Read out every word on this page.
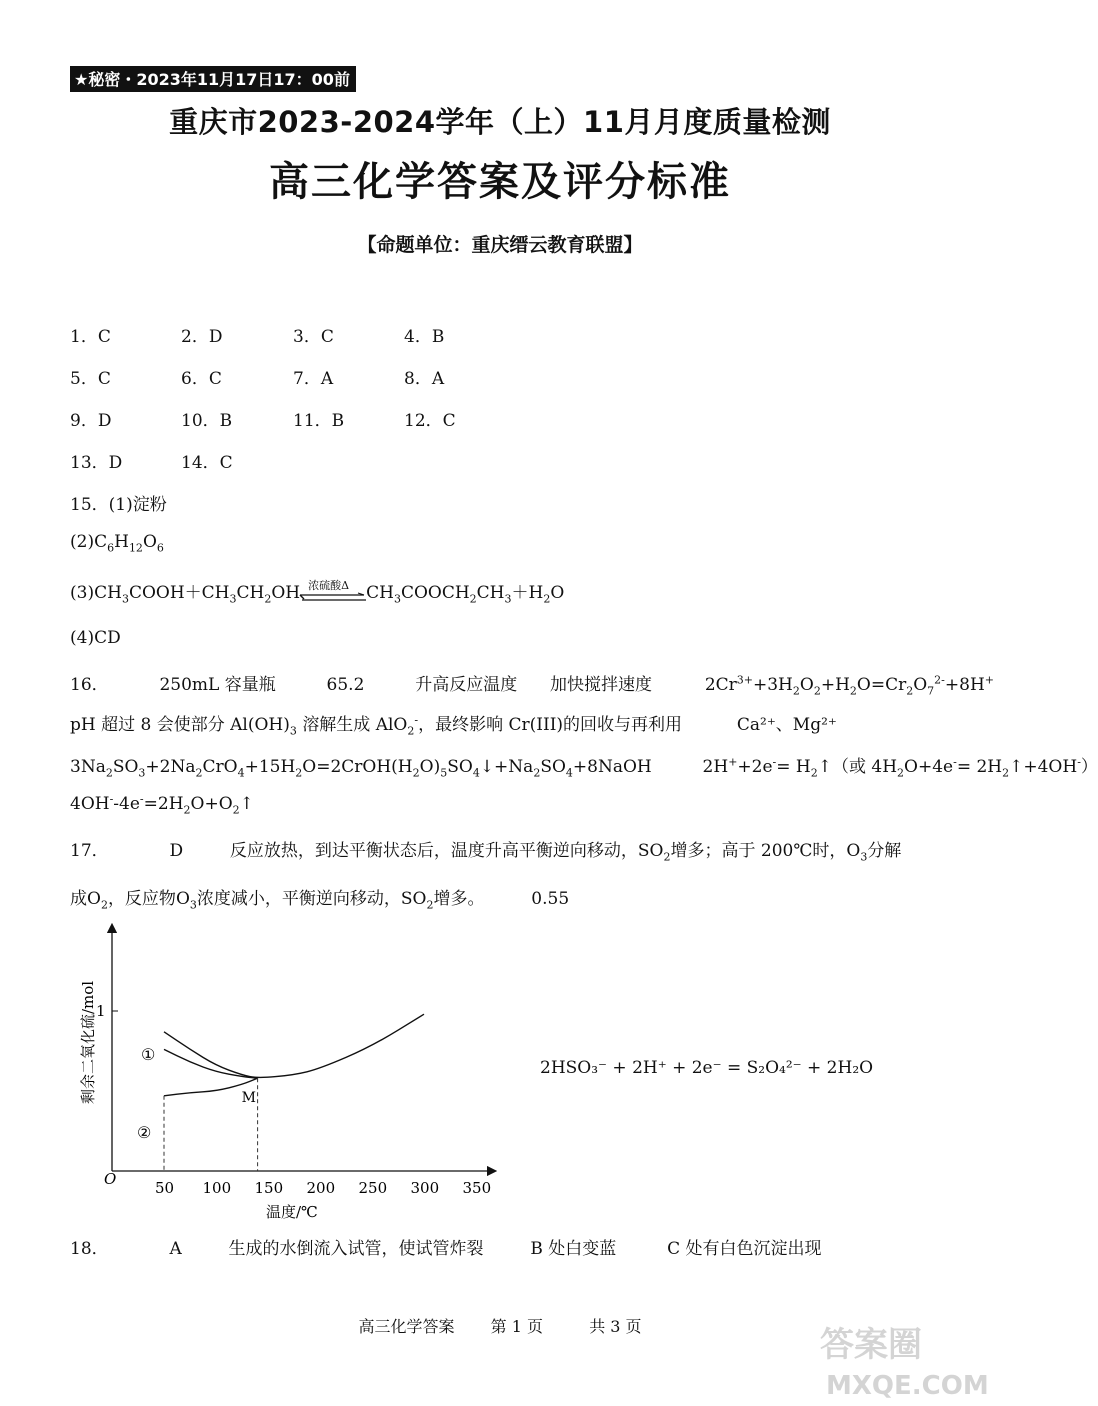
★秘密・2023年11月17日17：00前
重庆市2023-2024学年（上）11月月度质量检测
高三化学答案及评分标准
【命题单位：重庆缙云教育联盟】
1．C	2．D	3．C	4．B
5．C	6．C	7．A	8．A
9．D	10．B	11．B	12．C
13．D	14．C
15．(1)淀粉
$(2)C_6H_{12}O_6$
$(3)CH_3COOH+CH_3CH_2OH$ 浓硫酸Δ $CH_3COOCH_2CH_3+H_2O$
(4)CD
16．	250mL 容量瓶	65.2	升高反应温度 加快搅拌速度	$2Cr^{3+}+3H_2O_2+H_2O=Cr_2O_7^{2-}+8H^+$
pH 超过 8 会使部分 $Al(OH)_3$ 溶解生成 AlO$_2$-，最终影响 Cr(III)的回收与再利用	Ca²⁺、Mg²⁺
$3Na_2SO_3+2Na_2CrO_4+15H_2O=2CrOH(H_2O)_5SO_4↓+Na_2SO_4+8NaOH$  $2H^++2e^-= H_2↑$（或 $4H_2O+4e^-=$ $2H_2↑+4OH^-$）
$4OH^--4e^-=2H_2O+O_2↑$
17．	D	反应放热，到达平衡状态后，温度升高平衡逆向移动，$SO_2$增多；高于 200℃时，$O_3$分解
成$O_2$，反应物$O_3$浓度减小，平衡逆向移动，$SO_2$增多。	0.55
50 100 150 200 250 300 350
1
O
M
①
②
温度/℃
剩余二氧化硫/mol	2HSO₃⁻ + 2H⁺ + 2e⁻ = S₂O₄²⁻ + 2H₂O
18．	A	生成的水倒流入试管，使试管炸裂	B 处白变蓝	C 处有白色沉淀出现
高三化学答案 第 1 页	共 3 页	答案圈
MXQE.COM
